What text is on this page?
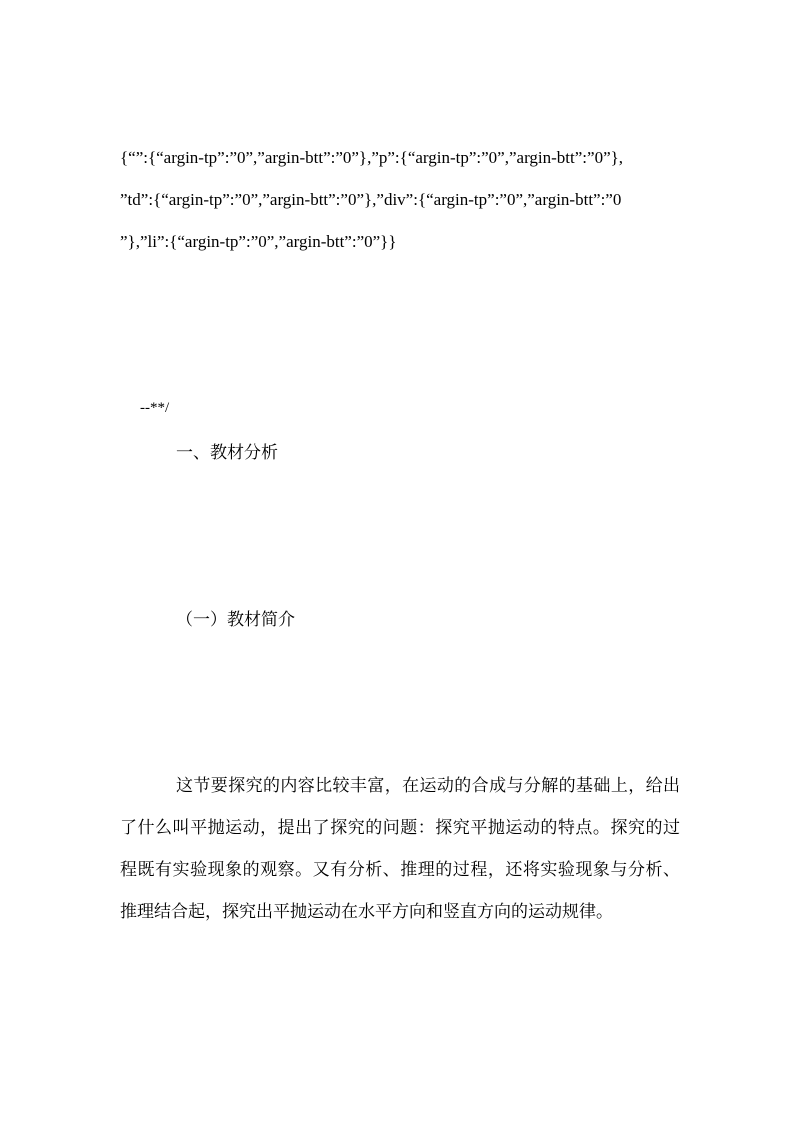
{“”:{“argin-tp”:”0”,”argin-btt”:”0”},”p”:{“argin-tp”:”0”,”argin-btt”:”0”},
”td”:{“argin-tp”:”0”,”argin-btt”:”0”},”div”:{“argin-tp”:”0”,”argin-btt”:”0
”},”li”:{“argin-tp”:”0”,”argin-btt”:”0”}}
--**/
一、教材分析
（一）教材简介
这节要探究的内容比较丰富，在运动的合成与分解的基础上，给出了什么叫平抛运动，提出了探究的问题：探究平抛运动的特点。探究的过程既有实验现象的观察。又有分析、推理的过程，还将实验现象与分析、推理结合起，探究出平抛运动在水平方向和竖直方向的运动规律。
